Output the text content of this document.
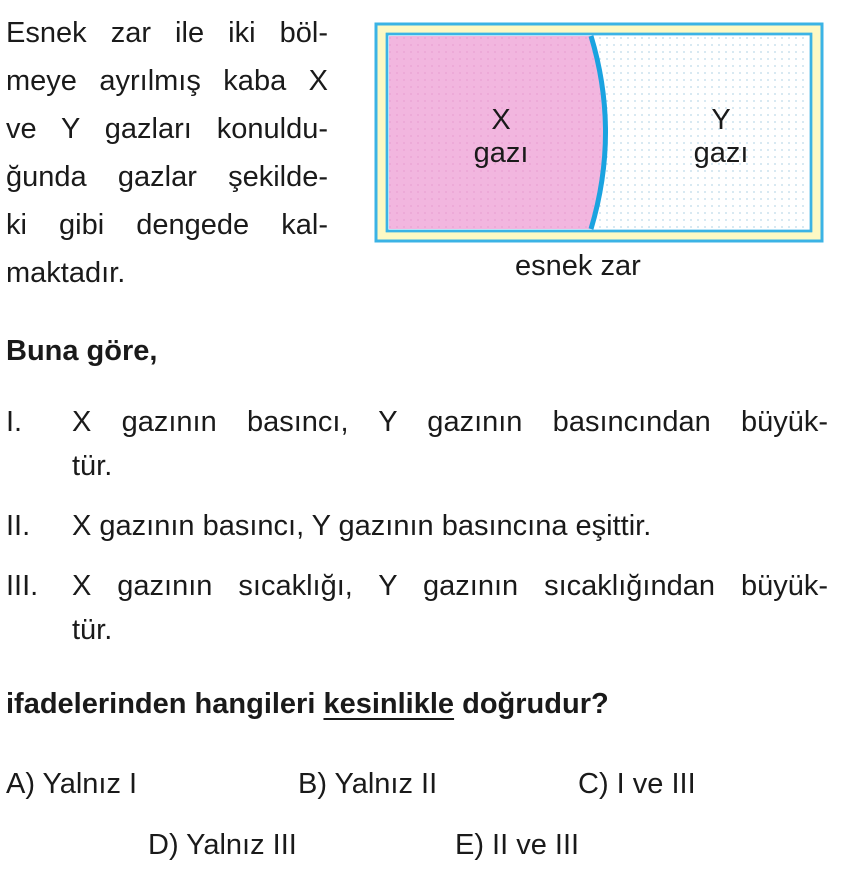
Esnek zar ile iki böl-
meye ayrılmış kaba X
ve Y gazları konuldu-
ğunda gazlar şekilde-
ki gibi dengede kal-
maktadır.
X
gazı
Y
gazı
esnek zar
Buna göre,
I. X gazının basıncı, Y gazının basıncından büyük-
tür.
II. X gazının basıncı, Y gazının basıncına eşittir.
III. X gazının sıcaklığı, Y gazının sıcaklığından büyük-
tür.
ifadelerinden hangileri kesinlikle doğrudur?
A) Yalnız I	B) Yalnız II	C) I ve III
D) Yalnız III	E) II ve III
